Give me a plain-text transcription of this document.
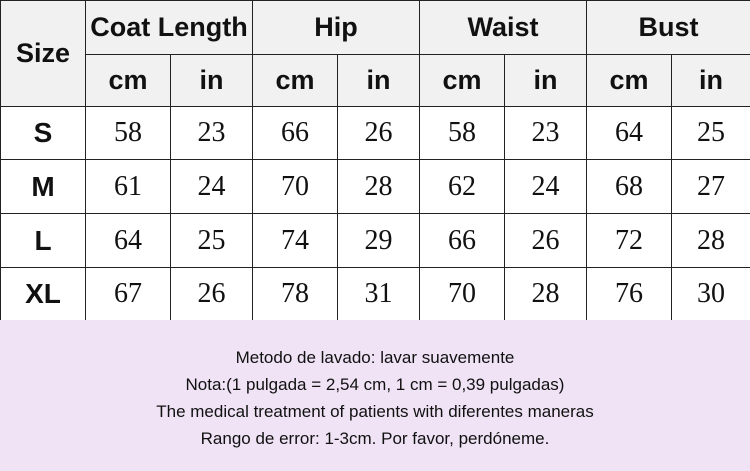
Size	Coat Length		Hip		Waist		Bust	
	cm	in	cm	in	cm	in	cm	in
S	58	23	66	26	58	23	64	25
M	61	24	70	28	62	24	68	27
L	64	25	74	29	66	26	72	28
XL	67	26	78	31	70	28	76	30
Metodo de lavado: lavar suavemente
Nota:(1 pulgada = 2,54 cm, 1 cm = 0,39 pulgadas)
The medical treatment of patients with diferentes maneras
Rango de error: 1-3cm. Por favor, perdóneme.
